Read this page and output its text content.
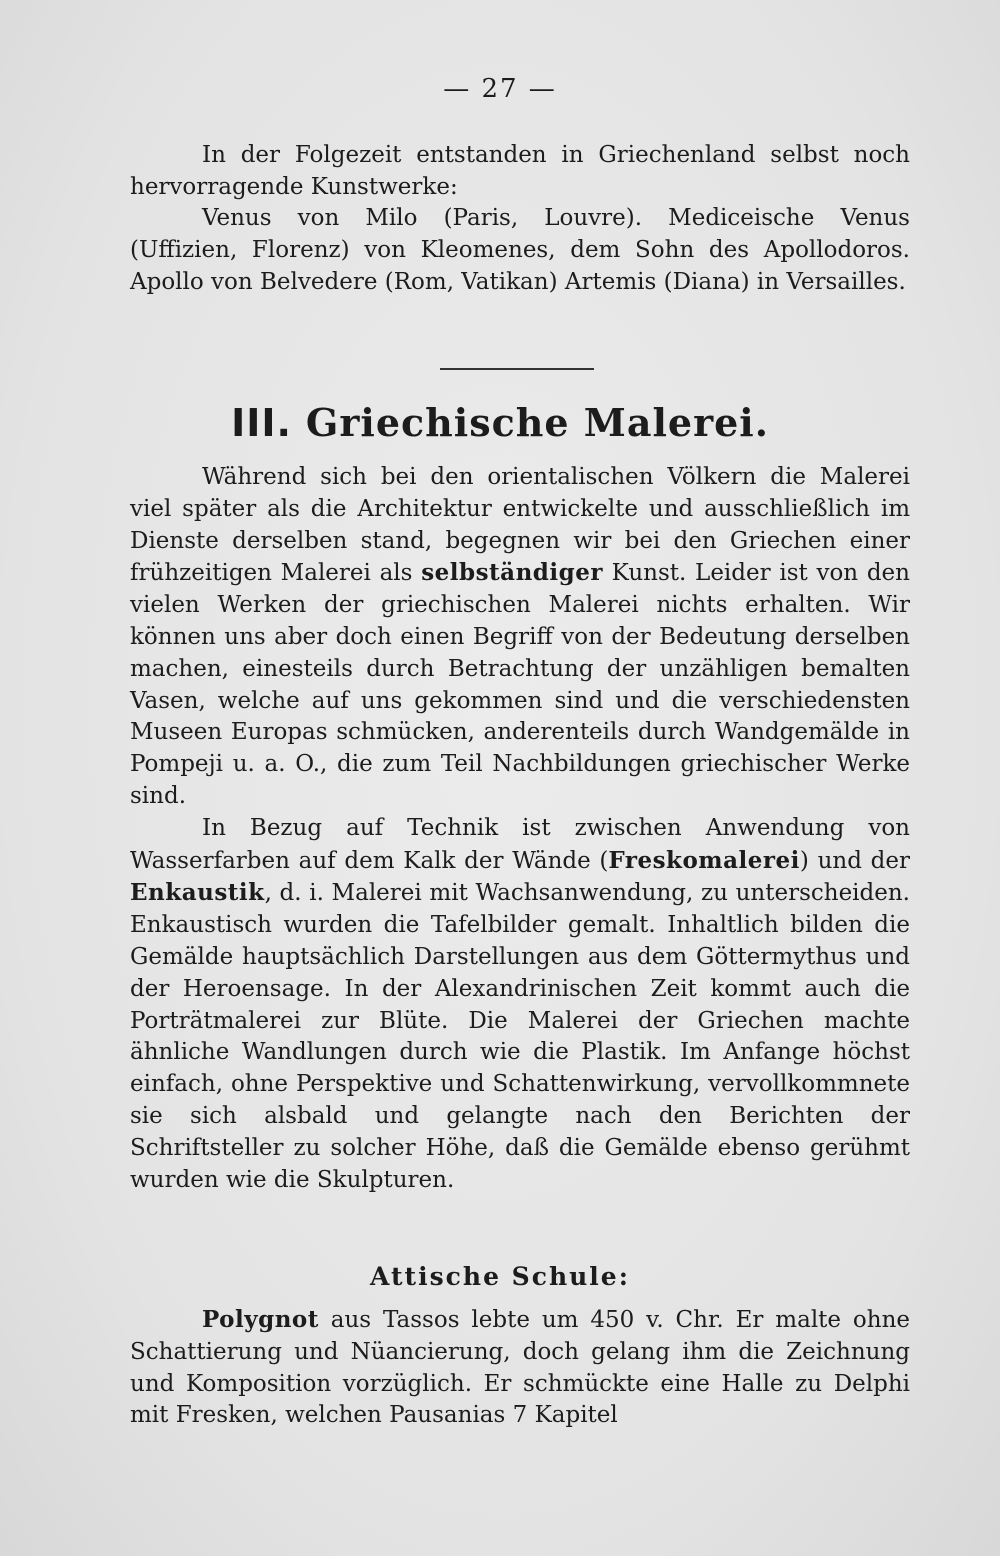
— 27 —

In der Folgezeit entstanden in Griechenland selbst noch hervorragende Kunstwerke:

Venus von Milo (Paris, Louvre). Mediceische Venus (Uffizien, Florenz) von Kleomenes, dem Sohn des Apollodoros. Apollo von Belvedere (Rom, Vatikan) Artemis (Diana) in Versailles.

III. Griechische Malerei.

Während sich bei den orientalischen Völkern die Malerei viel später als die Architektur entwickelte und ausschließlich im Dienste derselben stand, begegnen wir bei den Griechen einer frühzeitigen Malerei als selbständiger Kunst. Leider ist von den vielen Werken der griechischen Malerei nichts erhalten. Wir können uns aber doch einen Begriff von der Bedeutung derselben machen, einesteils durch Betrachtung der unzähligen bemalten Vasen, welche auf uns gekommen sind und die verschiedensten Museen Europas schmücken, anderenteils durch Wandgemälde in Pompeji u. a. O., die zum Teil Nachbildungen griechischer Werke sind.

In Bezug auf Technik ist zwischen Anwendung von Wasserfarben auf dem Kalk der Wände (Freskomalerei) und der Enkaustik, d. i. Malerei mit Wachsanwendung, zu unterscheiden. Enkaustisch wurden die Tafelbilder gemalt. Inhaltlich bilden die Gemälde hauptsächlich Darstellungen aus dem Göttermythus und der Heroensage. In der Alexandrinischen Zeit kommt auch die Porträtmalerei zur Blüte. Die Malerei der Griechen machte ähnliche Wandlungen durch wie die Plastik. Im Anfange höchst einfach, ohne Perspektive und Schattenwirkung, vervollkommnete sie sich alsbald und gelangte nach den Berichten der Schriftsteller zu solcher Höhe, daß die Gemälde ebenso gerühmt wurden wie die Skulpturen.

Attische Schule:

Polygnot aus Tassos lebte um 450 v. Chr. Er malte ohne Schattierung und Nüancierung, doch gelang ihm die Zeichnung und Komposition vorzüglich. Er schmückte eine Halle zu Delphi mit Fresken, welchen Pausanias 7 Kapitel
